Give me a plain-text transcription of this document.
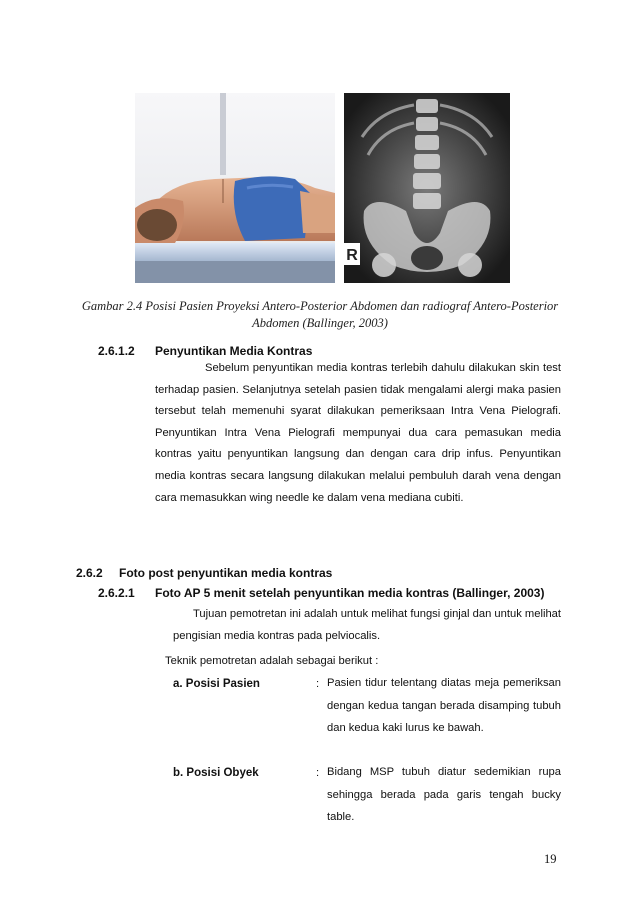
R
Gambar 2.4 Posisi Pasien Proyeksi Antero-Posterior Abdomen dan radiograf Antero-Posterior Abdomen (Ballinger, 2003)
2.6.1.2 Penyuntikan Media Kontras
Sebelum penyuntikan media kontras terlebih dahulu dilakukan skin test terhadap pasien. Selanjutnya setelah pasien tidak mengalami alergi maka pasien tersebut telah memenuhi syarat dilakukan pemeriksaan Intra Vena Pielografi. Penyuntikan Intra Vena Pielografi mempunyai dua cara pemasukan media kontras yaitu penyuntikan langsung dan dengan cara drip infus. Penyuntikan media kontras secara langsung dilakukan melalui pembuluh darah vena dengan cara memasukkan wing needle ke dalam vena mediana cubiti.
2.6.2 Foto post penyuntikan media kontras
2.6.2.1 Foto AP 5 menit setelah penyuntikan media kontras (Ballinger, 2003)
Tujuan pemotretan ini adalah untuk melihat fungsi ginjal dan untuk melihat pengisian media kontras pada pelviocalis.
Teknik pemotretan adalah sebagai berikut :
a. Posisi Pasien	: Pasien tidur telentang diatas meja pemeriksan dengan kedua tangan berada disamping tubuh dan kedua kaki lurus ke bawah.
b. Posisi Obyek	: Bidang MSP tubuh diatur sedemikian rupa sehingga berada pada garis tengah bucky table.
19
